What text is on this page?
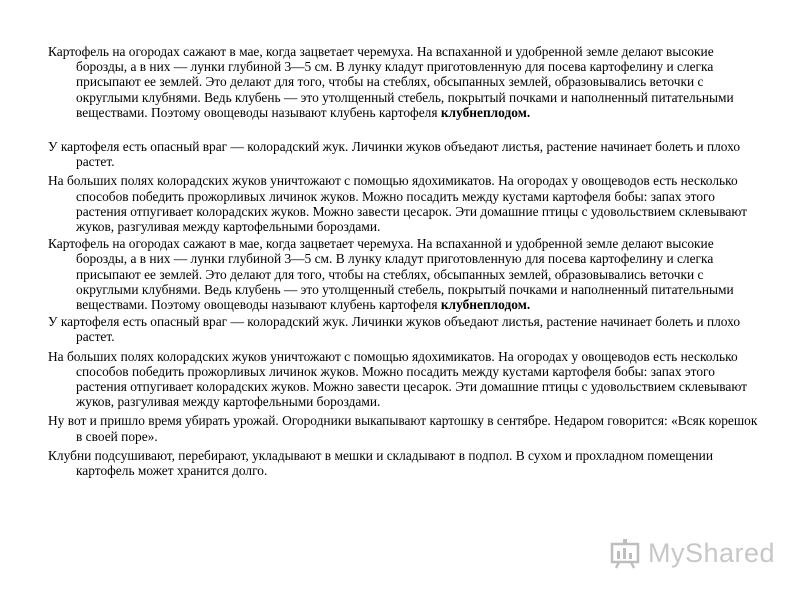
Картофель на огородах сажают в мае, когда зацветает черемуха. На вспаханной и удобренной земле делают высокие борозды, а в них — лунки глубиной 3—5 см. В лунку кладут приготовленную для посева картофелину и слегка присыпают ее землей. Это делают для того, чтобы на стеблях, обсыпанных землей, образовывались веточки с округлыми клубнями. Ведь клубень — это утолщенный стебель, покрытый почками и наполненный питательными веществами. Поэтому овощеводы называют клубень картофеля клубнеплодом.

У картофеля есть опасный враг — колорадский жук. Личинки жуков объедают листья, растение начинает болеть и плохо растет.

На больших полях колорадских жуков уничтожают с помощью ядохимикатов. На огородах у овощеводов есть несколько способов победить прожорливых личинок жуков. Можно посадить между кустами картофеля бобы: запах этого растения отпугивает колорадских жуков. Можно завести цесарок. Эти домашние птицы с удовольствием склевывают жуков, разгуливая между картофельными бороздами.

Картофель на огородах сажают в мае, когда зацветает черемуха. На вспаханной и удобренной земле делают высокие борозды, а в них — лунки глубиной 3—5 см. В лунку кладут приготовленную для посева картофелину и слегка присыпают ее землей. Это делают для того, чтобы на стеблях, обсыпанных землей, образовывались веточки с округлыми клубнями. Ведь клубень — это утолщенный стебель, покрытый почками и наполненный питательными веществами. Поэтому овощеводы называют клубень картофеля клубнеплодом.

У картофеля есть опасный враг — колорадский жук. Личинки жуков объедают листья, растение начинает болеть и плохо растет.

На больших полях колорадских жуков уничтожают с помощью ядохимикатов. На огородах у овощеводов есть несколько способов победить прожорливых личинок жуков. Можно посадить между кустами картофеля бобы: запах этого растения отпугивает колорадских жуков. Можно завести цесарок. Эти домашние птицы с удовольствием склевывают жуков, разгуливая между картофельными бороздами.

Ну вот и пришло время убирать урожай. Огородники выкапывают картошку в сентябре. Недаром говорится: «Всяк корешок в своей поре».

Клубни подсушивают, перебирают, укладывают в мешки и складывают в подпол. В сухом и прохладном помещении картофель может хранится долго.

MyShared
